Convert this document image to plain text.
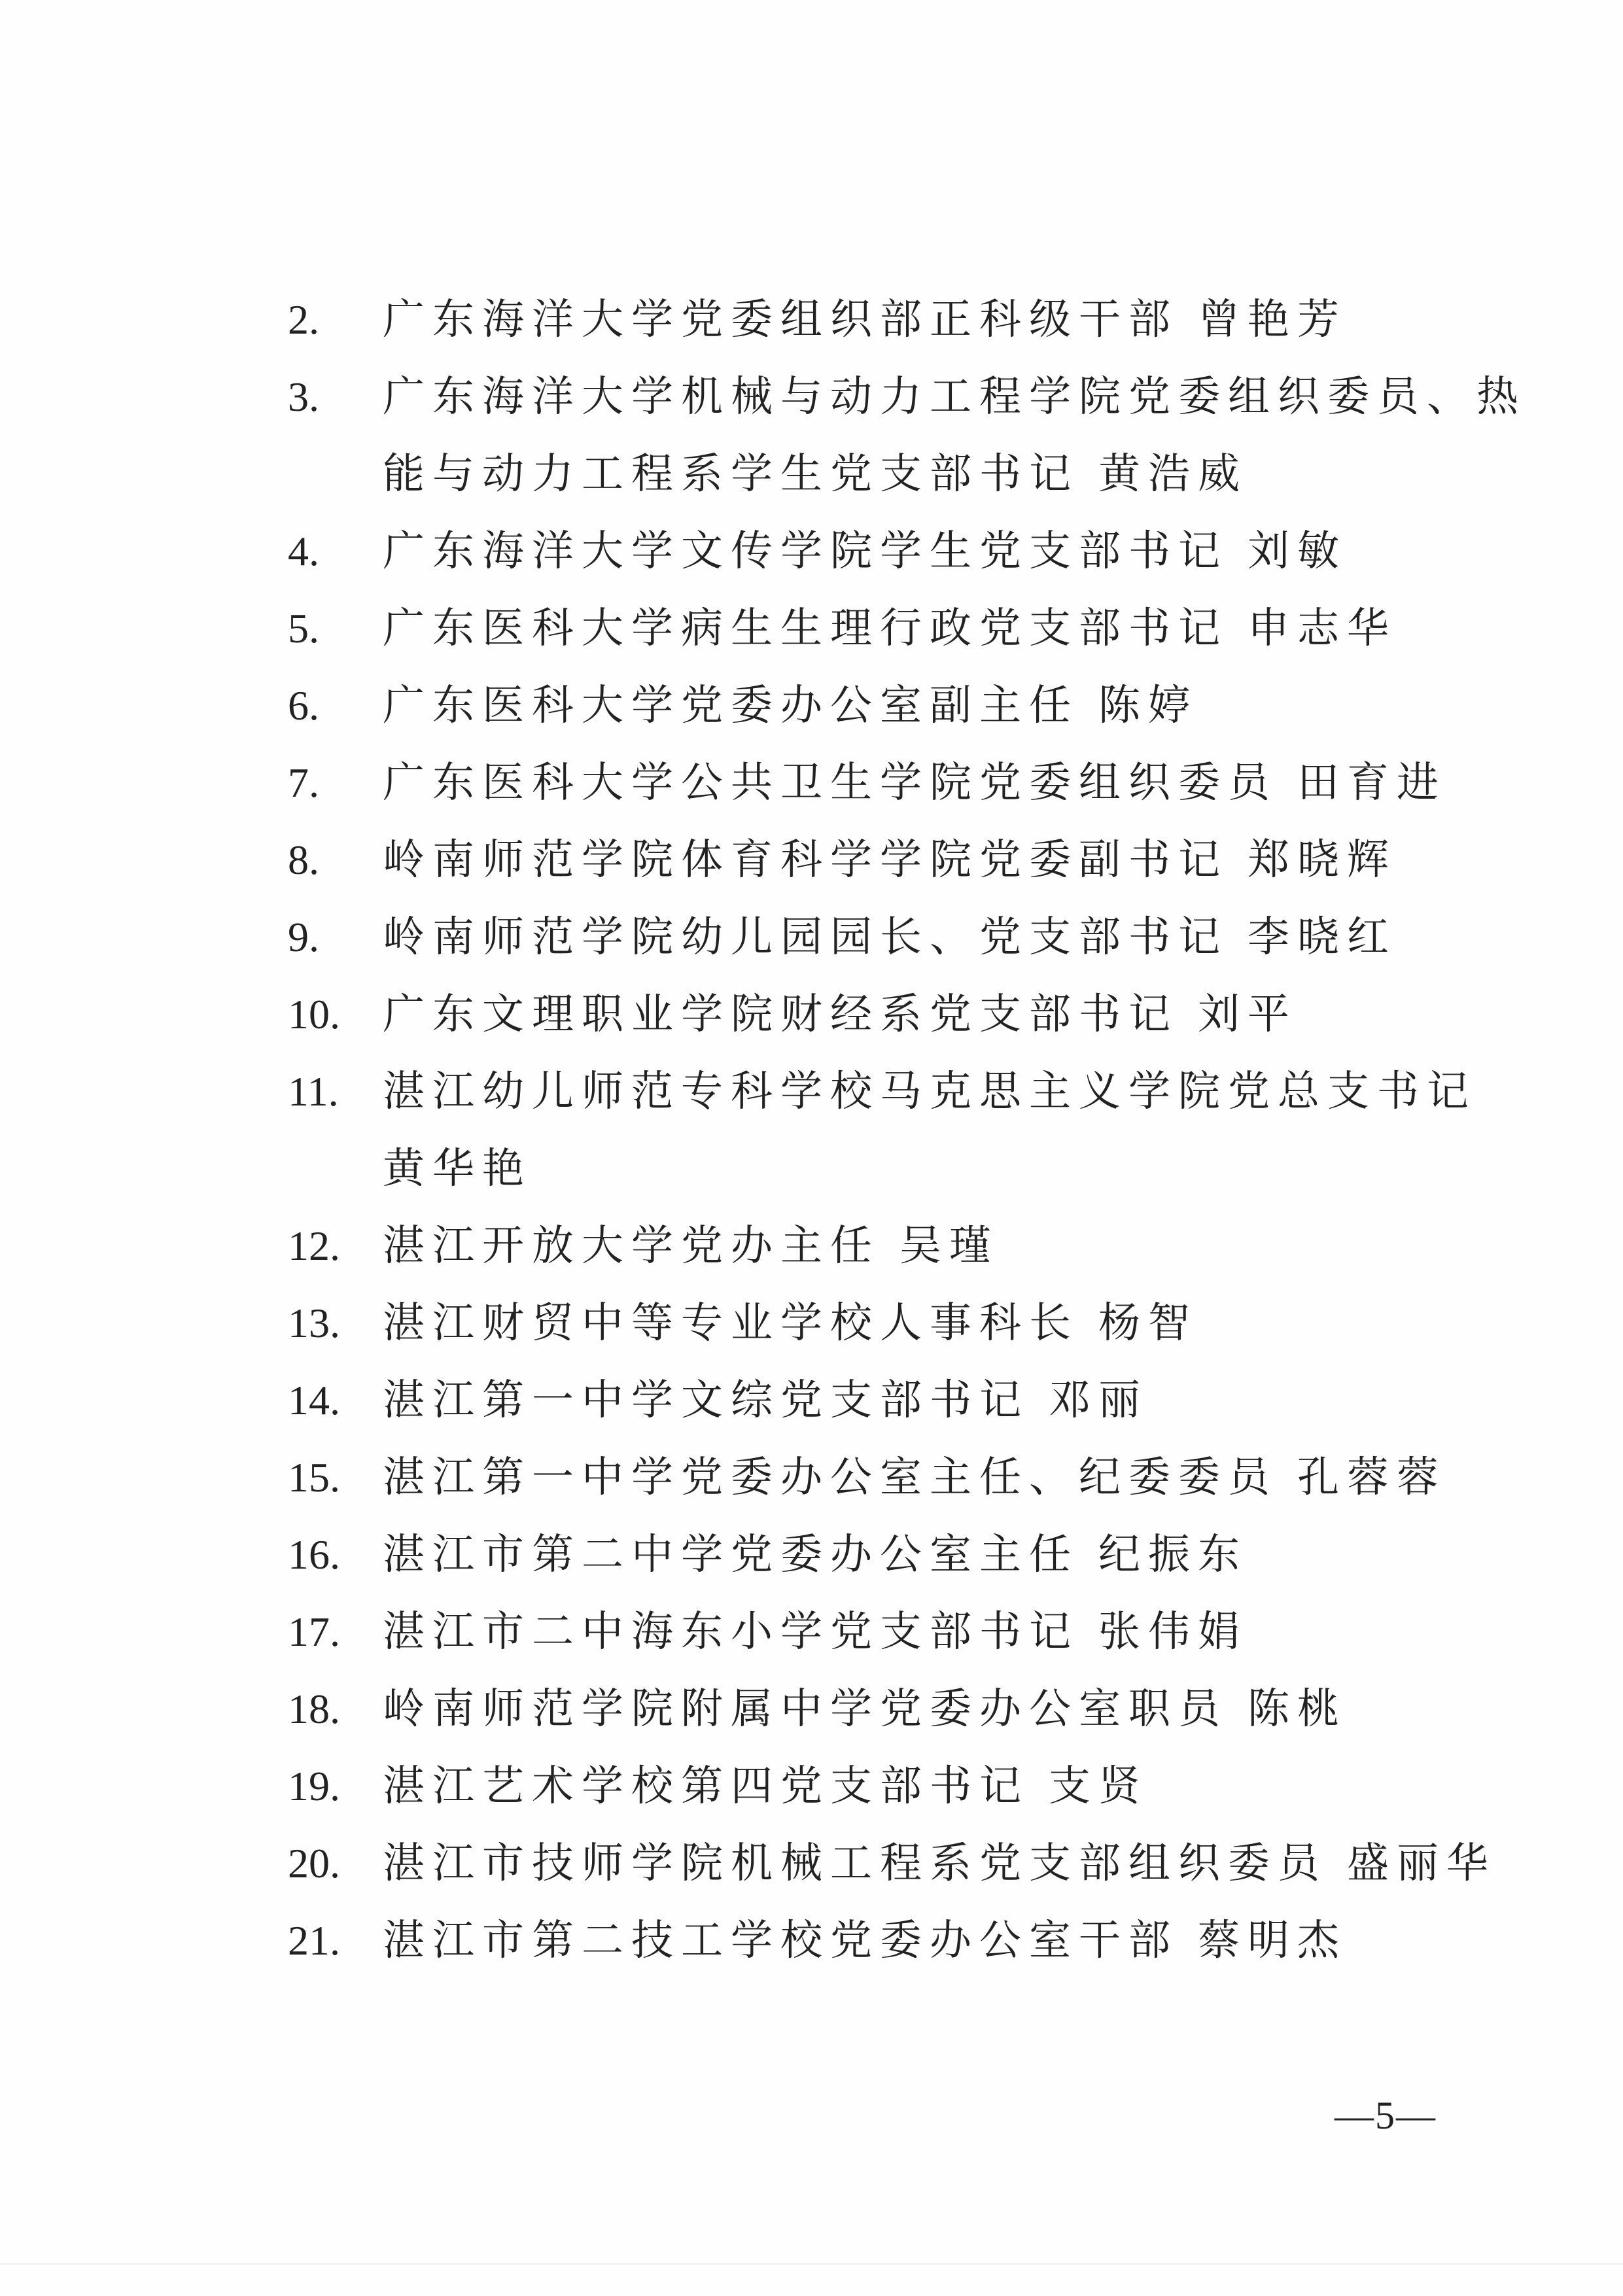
2. 广东海洋大学党委组织部正科级干部 曾艳芳
3. 广东海洋大学机械与动力工程学院党委组织委员、热
能与动力工程系学生党支部书记 黄浩威
4. 广东海洋大学文传学院学生党支部书记 刘敏
5. 广东医科大学病生生理行政党支部书记 申志华
6. 广东医科大学党委办公室副主任 陈婷
7. 广东医科大学公共卫生学院党委组织委员 田育进
8. 岭南师范学院体育科学学院党委副书记 郑晓辉
9. 岭南师范学院幼儿园园长、党支部书记 李晓红
10. 广东文理职业学院财经系党支部书记 刘平
11. 湛江幼儿师范专科学校马克思主义学院党总支书记
黄华艳
12. 湛江开放大学党办主任 吴瑾
13. 湛江财贸中等专业学校人事科长 杨智
14. 湛江第一中学文综党支部书记 邓丽
15. 湛江第一中学党委办公室主任、纪委委员 孔蓉蓉
16. 湛江市第二中学党委办公室主任 纪振东
17. 湛江市二中海东小学党支部书记 张伟娟
18. 岭南师范学院附属中学党委办公室职员 陈桃
19. 湛江艺术学校第四党支部书记 支贤
20. 湛江市技师学院机械工程系党支部组织委员 盛丽华
21. 湛江市第二技工学校党委办公室干部 蔡明杰
—5—
